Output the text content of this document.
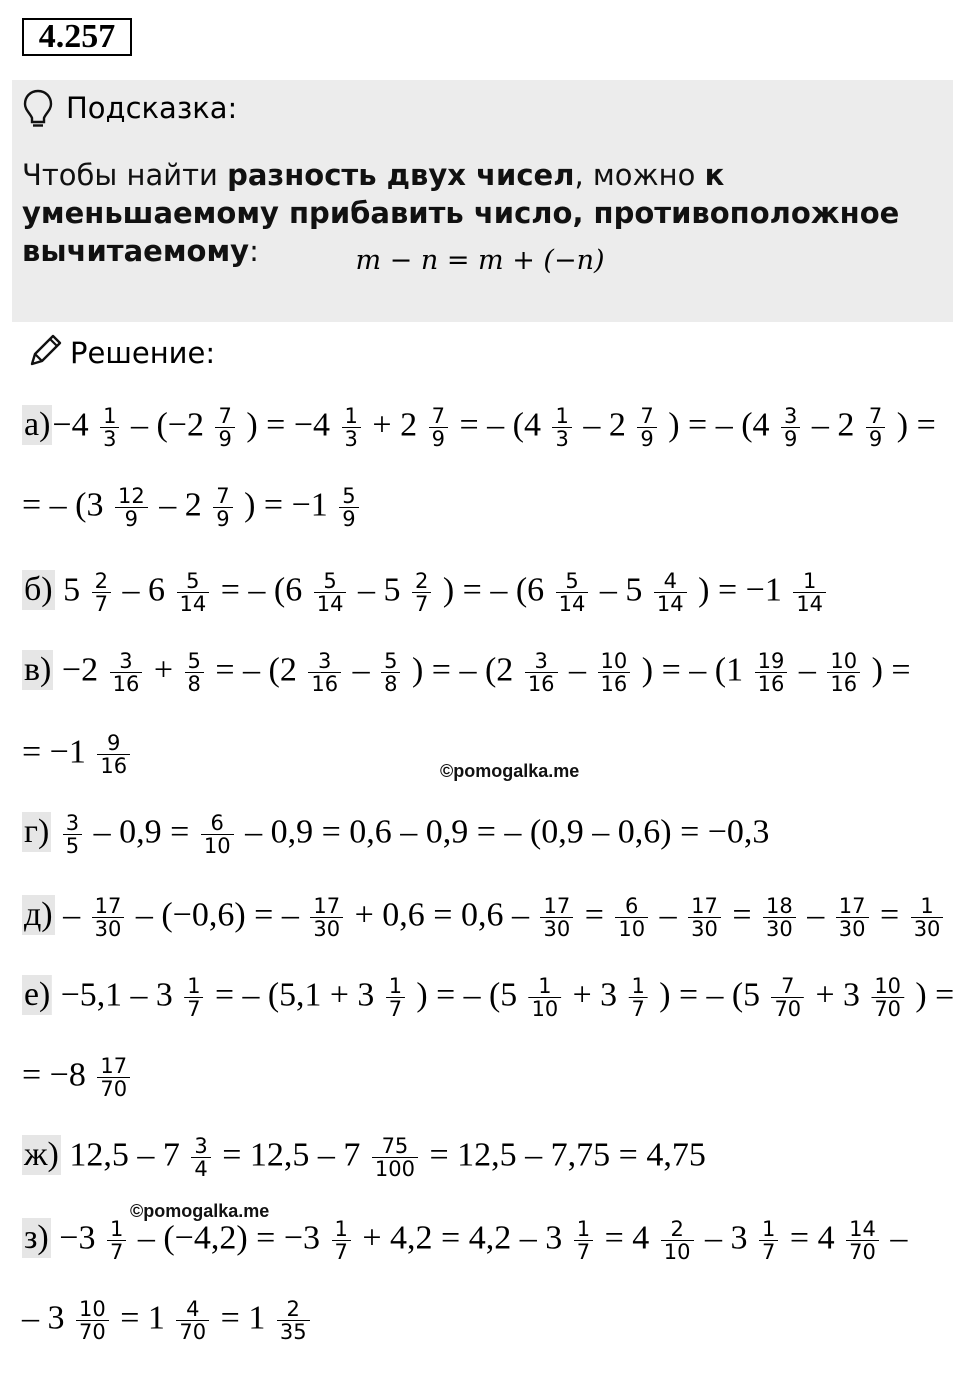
4.257
Подсказка:
Чтобы найти разность двух чисел, можно к уменьшаемому прибавить число, противоположное вычитаемому:	m − n = m + (−n)
Решение:
$а)-4 \frac{1}{3} - (-2 \frac{7}{9}$ ) = $-4 \frac{1}{3} + 2 \frac{7}{9}$ = – ($4 \frac{1}{3} - 2 \frac{7}{9}$ ) = – ($4 \frac{3}{9} - 2 \frac{7}{9}$ ) =
= – ($3 \frac{12}{9} - 2 \frac{7}{9}$ ) = $-1 \frac{5}{9}$
б) $5 \frac{2}{7} - 6 \frac{5}{14}$ = – ($6 \frac{5}{14} - 5 \frac{2}{7}$ ) = – ($6 \frac{5}{14} - 5 \frac{4}{14}$ ) = $-1 \frac{1}{14}$
$в) -2 \frac{3}{16} + \frac{5}{8}$ = – ($2 \frac{3}{16} - \frac{5}{8}$ ) = – ($2 \frac{3}{16} - \frac{10}{16}$ ) = – ($1 \frac{19}{16} - \frac{10}{16}$ ) =
= $-1 \frac{9}{16}$
$г) \frac{3}{5} - 0,9 = \frac{6}{10} - 0,9 = 0,6 - 0,9$ = – (0,9 – 0,6) = −0,3
$д) - \frac{17}{30} - (-0,6)$ = – $\frac{17}{30} + 0,6 = 0,6 - \frac{17}{30} = \frac{6}{10} - \frac{17}{30} = \frac{18}{30} - \frac{17}{30} = \frac{1}{30}$
$е) -5,1 - 3 \frac{1}{7}$ = – ($5,1 + 3 \frac{1}{7}$ ) = – ($5 \frac{1}{10} + 3 \frac{1}{7}$ ) = – ($5 \frac{7}{70} + 3 \frac{10}{70}$ ) =
= $-8 \frac{17}{70}$
ж) $12,5 - 7 \frac{3}{4} = 12,5 - 7 \frac{75}{100} = 12,5 - 7,75 = 4,75$
$з) -3 \frac{1}{7} - (-4,2) = -3 \frac{1}{7} + 4,2 = 4,2 - 3 \frac{1}{7} = 4 \frac{2}{10} - 3 \frac{1}{7} = 4 \frac{14}{70}$ –
– $3 \frac{10}{70} = 1 \frac{4}{70} = 1 \frac{2}{35}$
©pomogalka.me
©pomogalka.me
